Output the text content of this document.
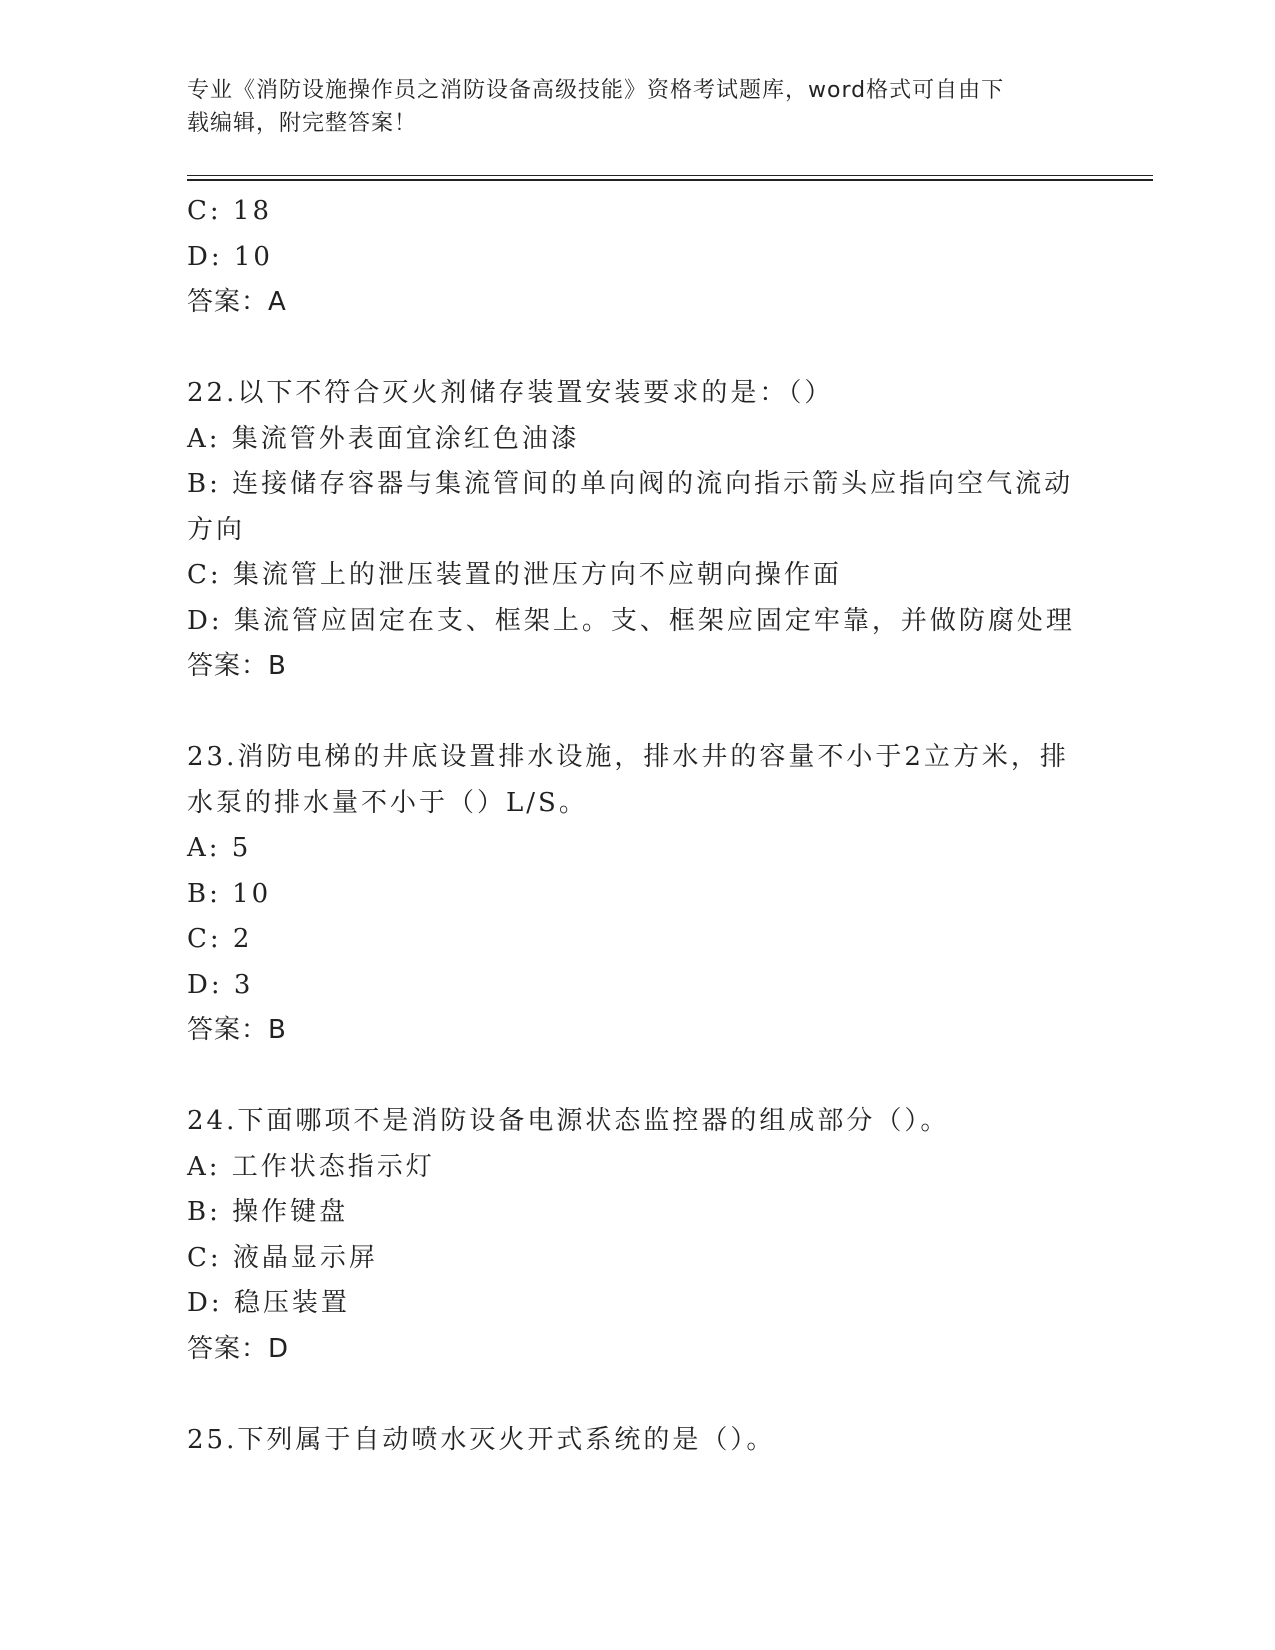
专业《消防设施操作员之消防设备高级技能》资格考试题库，word格式可自由下
载编辑，附完整答案！
C: 18
D: 10
答案：A
22.以下不符合灭火剂储存装置安装要求的是：（）
A: 集流管外表面宜涂红色油漆
B: 连接储存容器与集流管间的单向阀的流向指示箭头应指向空气流动
方向
C: 集流管上的泄压装置的泄压方向不应朝向操作面
D: 集流管应固定在支、框架上。支、框架应固定牢靠，并做防腐处理
答案：B
23.消防电梯的井底设置排水设施，排水井的容量不小于2立方米，排
水泵的排水量不小于（）L/S。
A: 5
B: 10
C: 2
D: 3
答案：B
24.下面哪项不是消防设备电源状态监控器的组成部分（）。
A: 工作状态指示灯
B: 操作键盘
C: 液晶显示屏
D: 稳压装置
答案：D
25.下列属于自动喷水灭火开式系统的是（）。
